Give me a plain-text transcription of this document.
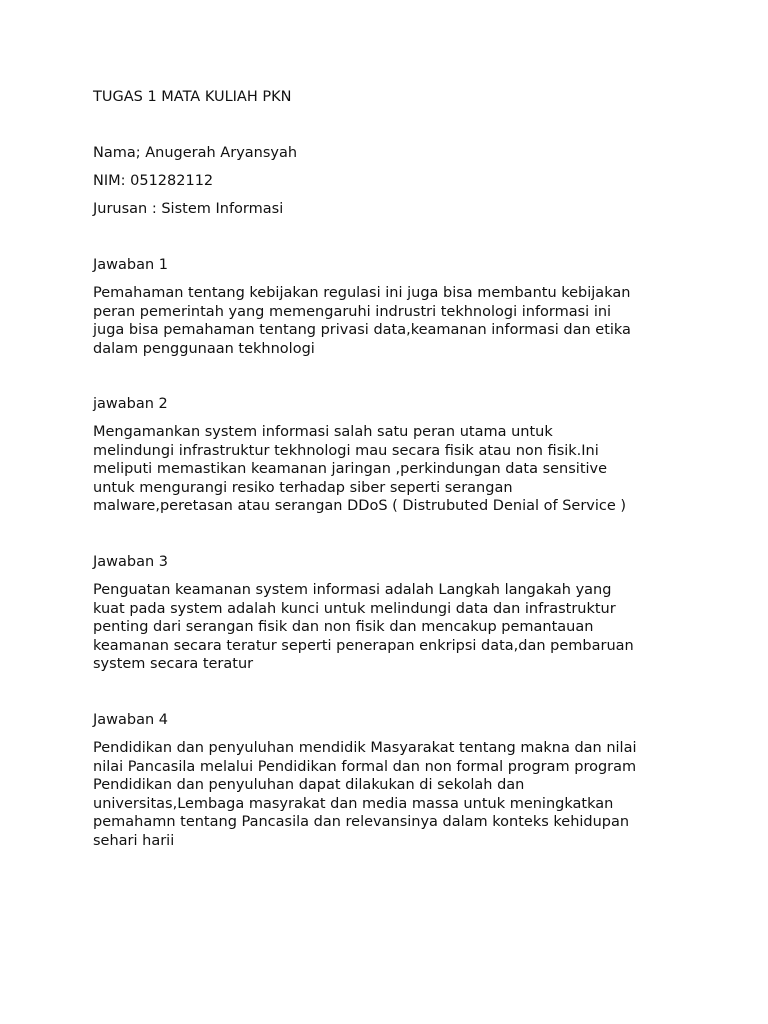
TUGAS 1 MATA KULIAH PKN
Nama; Anugerah Aryansyah
NIM: 051282112
Jurusan : Sistem Informasi
Jawaban 1
Pemahaman tentang kebijakan regulasi ini juga bisa membantu kebijakan
peran pemerintah yang memengaruhi indrustri tekhnologi informasi ini
juga bisa pemahaman tentang privasi data,keamanan informasi dan etika
dalam penggunaan tekhnologi
jawaban 2
Mengamankan system informasi salah satu peran utama untuk
melindungi infrastruktur tekhnologi mau secara fisik atau non fisik.Ini
meliputi memastikan keamanan jaringan ,perkindungan data sensitive
untuk mengurangi resiko terhadap siber seperti serangan
malware,peretasan atau serangan DDoS ( Distrubuted Denial of Service )
Jawaban 3
Penguatan keamanan system informasi adalah Langkah langakah yang
kuat pada system adalah kunci untuk melindungi data dan infrastruktur
penting dari serangan fisik dan non fisik dan mencakup pemantauan
keamanan secara teratur seperti penerapan enkripsi data,dan pembaruan
system secara teratur
Jawaban 4
Pendidikan dan penyuluhan mendidik Masyarakat tentang makna dan nilai
nilai Pancasila melalui Pendidikan formal dan non formal program program
Pendidikan dan penyuluhan dapat dilakukan di sekolah dan
universitas,Lembaga masyrakat dan media massa untuk meningkatkan
pemahamn tentang Pancasila dan relevansinya dalam konteks kehidupan
sehari harii
